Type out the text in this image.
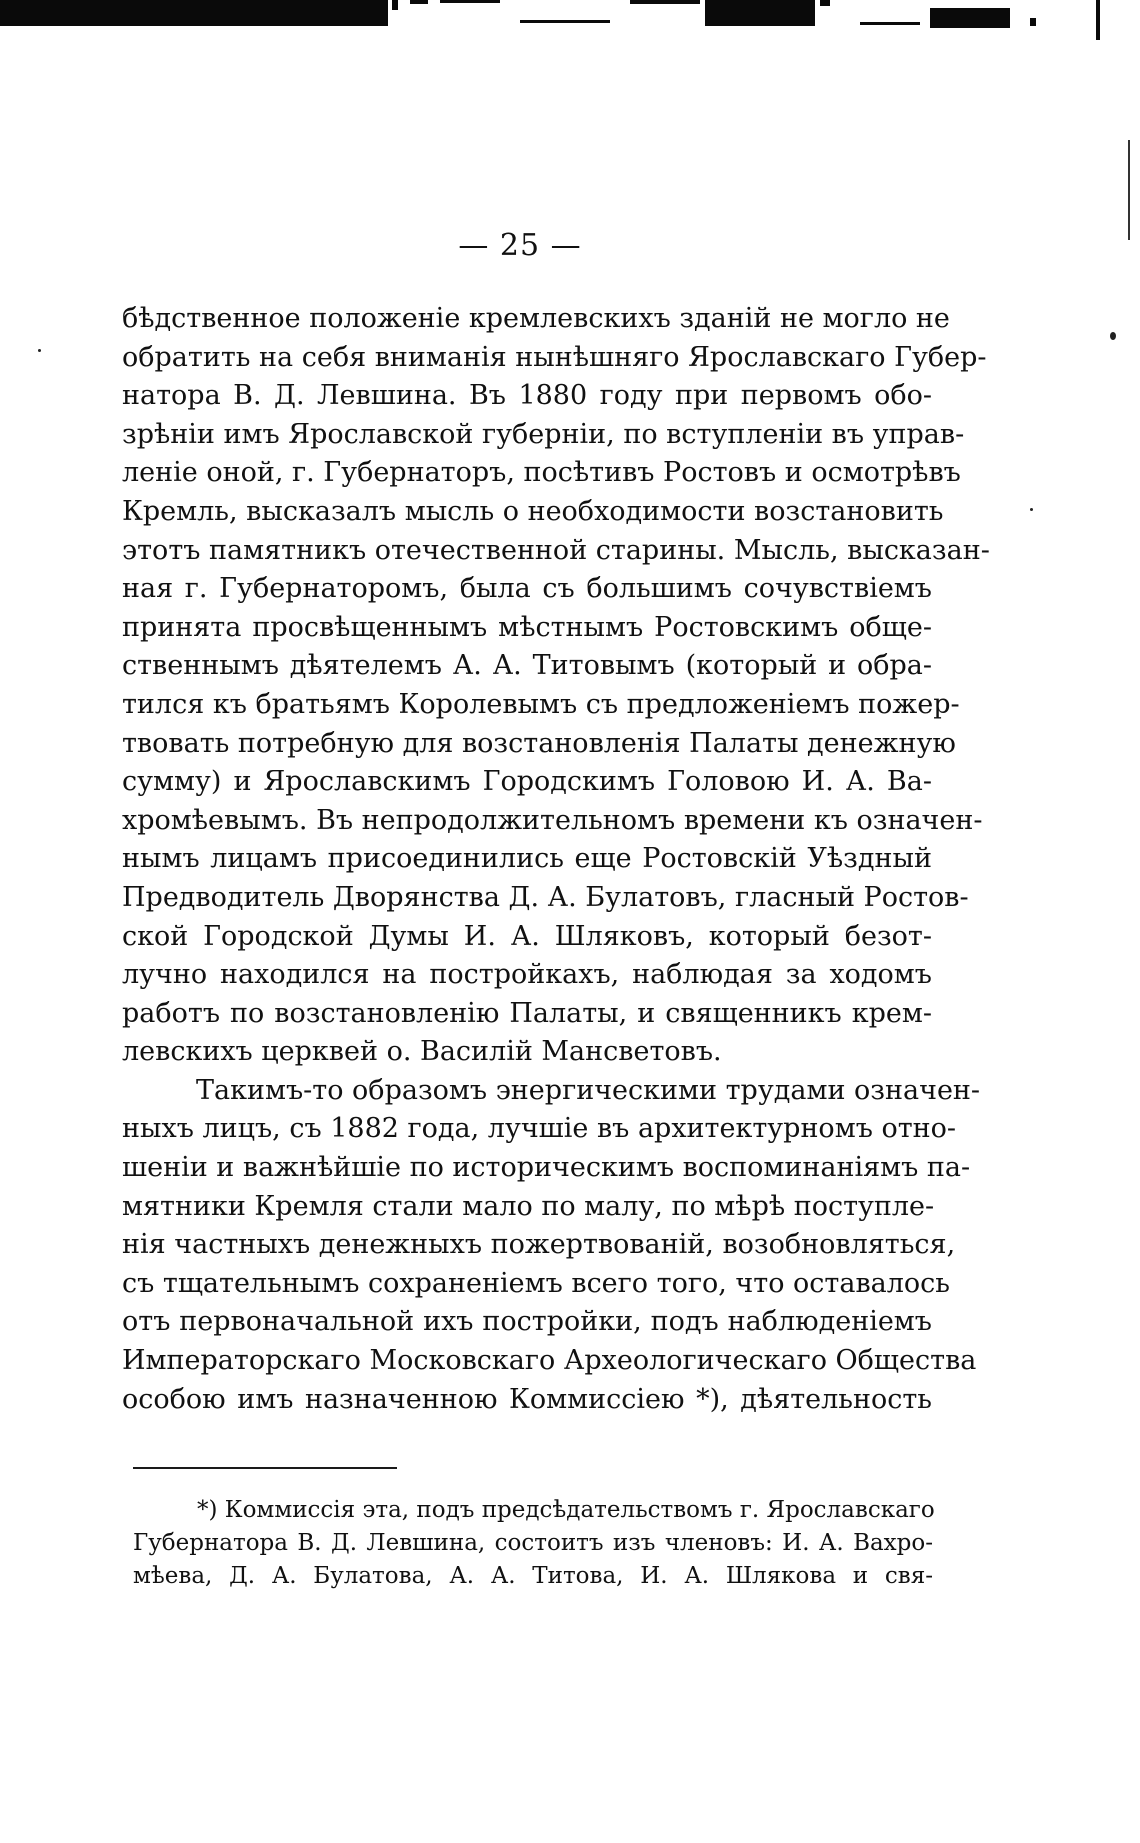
— 25 —
бѣдственное положеніе кремлевскихъ зданій не могло не
обратить на себя вниманія нынѣшняго Ярославскаго Губер-
натора В. Д. Левшина. Въ 1880 году при первомъ обо-
зрѣніи имъ Ярославской губерніи, по вступленіи въ управ-
леніе оной, г. Губернаторъ, посѣтивъ Ростовъ и осмотрѣвъ
Кремль, высказалъ мысль о необходимости возстановить
этотъ памятникъ отечественной старины. Мысль, высказан-
ная г. Губернаторомъ, была съ большимъ сочувствіемъ
принята просвѣщеннымъ мѣстнымъ Ростовскимъ обще-
ственнымъ дѣятелемъ А. А. Титовымъ (который и обра-
тился къ братьямъ Королевымъ съ предложеніемъ пожер-
твовать потребную для возстановленія Палаты денежную
сумму) и Ярославскимъ Городскимъ Головою И. А. Ва-
хромѣевымъ. Въ непродолжительномъ времени къ означен-
нымъ лицамъ присоединились еще Ростовскій Уѣздный
Предводитель Дворянства Д. А. Булатовъ, гласный Ростов-
ской Городской Думы И. А. Шляковъ, который безот-
лучно находился на постройкахъ, наблюдая за ходомъ
работъ по возстановленію Палаты, и священникъ крем-
левскихъ церквей о. Василій Мансветовъ.
Такимъ-то образомъ энергическими трудами означен-
ныхъ лицъ, съ 1882 года, лучшіе въ архитектурномъ отно-
шеніи и важнѣйшіе по историческимъ воспоминаніямъ па-
мятники Кремля стали мало по малу, по мѣрѣ поступле-
нія частныхъ денежныхъ пожертвованій, возобновляться,
съ тщательнымъ сохраненіемъ всего того, что оставалось
отъ первоначальной ихъ постройки, подъ наблюденіемъ
Императорскаго Московскаго Археологическаго Общества
особою имъ назначенною Коммиссіею *), дѣятельность
*) Коммиссія эта, подъ предсѣдательствомъ г. Ярославскаго
Губернатора В. Д. Левшина, состоитъ изъ членовъ: И. А. Вахро-
мѣева, Д. А. Булатова, А. А. Титова, И. А. Шлякова и свя-
